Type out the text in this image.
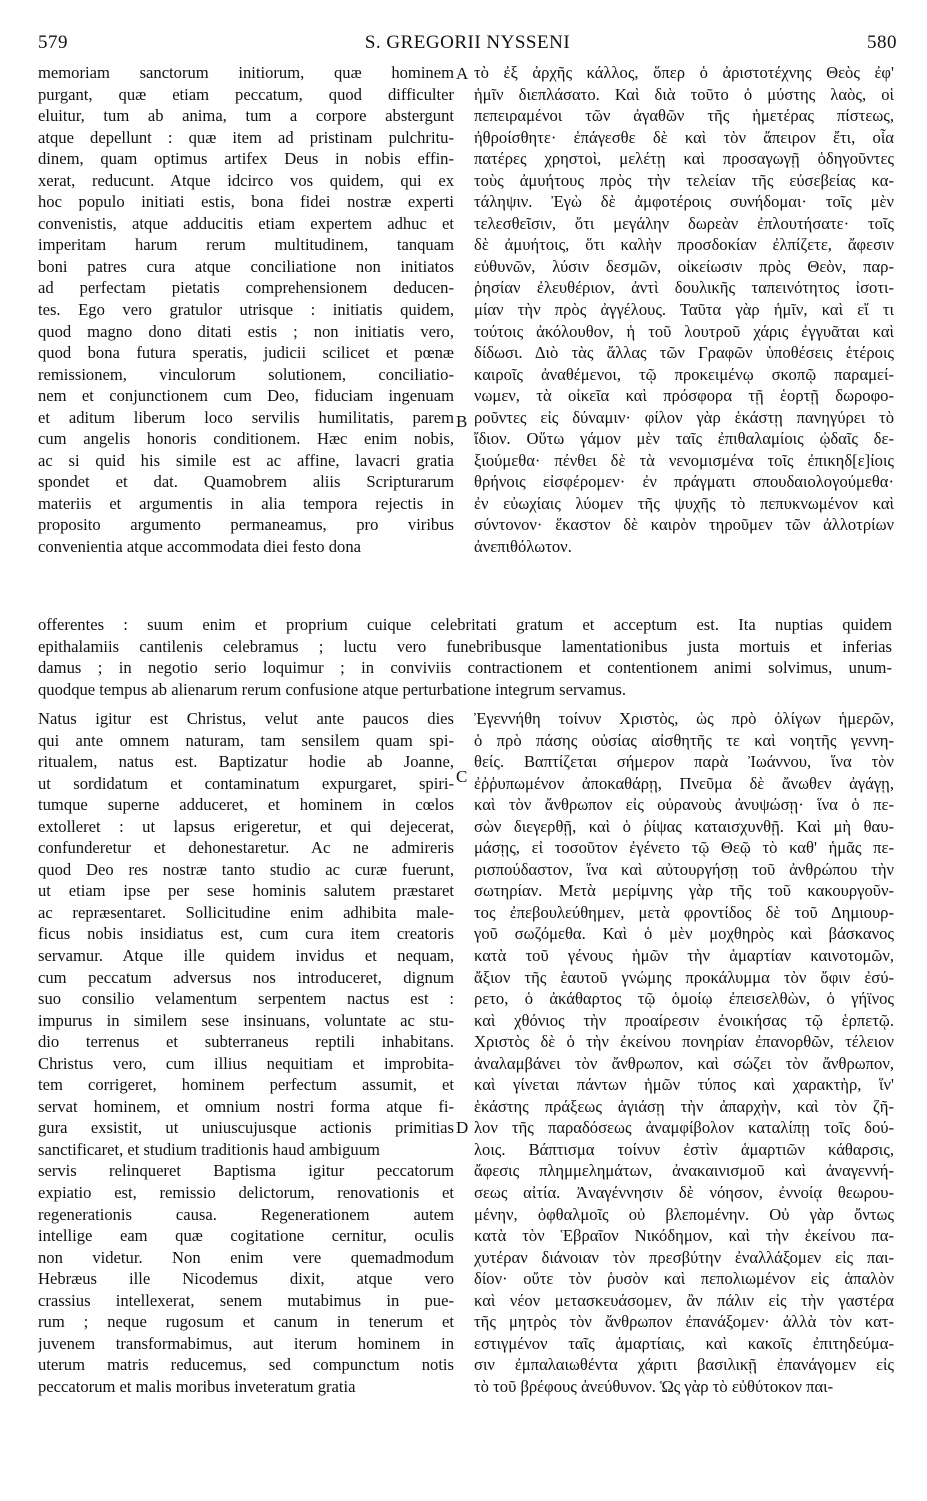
579	S. GREGORII NYSSENI	580
A
B
C
D
memoriam sanctorum initiorum, quæ hominem
purgant, quæ etiam peccatum, quod difficulter
eluitur, tum ab anima, tum a corpore abstergunt
atque depellunt : quæ item ad pristinam pulchritu-
dinem, quam optimus artifex Deus in nobis effin-
xerat, reducunt. Atque idcirco vos quidem, qui ex
hoc populo initiati estis, bona fidei nostræ experti
convenistis, atque adducitis etiam expertem adhuc et
imperitam harum rerum multitudinem, tanquam
boni patres cura atque conciliatione non initiatos
ad perfectam pietatis comprehensionem deducen-
tes. Ego vero gratulor utrisque : initiatis quidem,
quod magno dono ditati estis ; non initiatis vero,
quod bona futura speratis, judicii scilicet et pœnæ
remissionem, vinculorum solutionem, conciliatio-
nem et conjunctionem cum Deo, fiduciam ingenuam
et aditum liberum loco servilis humilitatis, parem
cum angelis honoris conditionem. Hæc enim nobis,
ac si quid his simile est ac affine, lavacri gratia
spondet et dat. Quamobrem aliis Scripturarum
materiis et argumentis in alia tempora rejectis in
proposito argumento permaneamus, pro viribus
convenientia atque accommodata diei festo dona
τὸ ἐξ ἀρχῆς κάλλος, ὅπερ ὁ ἀριστοτέχνης Θεὸς ἐφ'
ἡμῖν διεπλάσατο. Καὶ διὰ τοῦτο ὁ μύστης λαὸς, οἱ
πεπειραμένοι τῶν ἀγαθῶν τῆς ἡμετέρας πίστεως,
ἠθροίσθητε· ἐπάγεσθε δὲ καὶ τὸν ἄπειρον ἔτι, οἷα
πατέρες χρηστοὶ, μελέτῃ καὶ προσαγωγῇ ὁδηγοῦντες
τοὺς ἀμυήτους πρὸς τὴν τελείαν τῆς εὐσεβείας κα-
τάληψιν. Ἐγὼ δὲ ἀμφοτέροις συνήδομαι· τοῖς μὲν
τελεσθεῖσιν, ὅτι μεγάλην δωρεὰν ἐπλουτήσατε· τοῖς
δὲ ἀμυήτοις, ὅτι καλὴν προσδοκίαν ἐλπίζετε, ἄφεσιν
εὐθυνῶν, λύσιν δεσμῶν, οἰκείωσιν πρὸς Θεὸν, παρ-
ῥησίαν ἐλευθέριον, ἀντὶ δουλικῆς ταπεινότητος ἰσοτι-
μίαν τὴν πρὸς ἀγγέλους. Ταῦτα γὰρ ἡμῖν, καὶ εἴ τι
τούτοις ἀκόλουθον, ἡ τοῦ λουτροῦ χάρις ἐγγυᾶται καὶ
δίδωσι. Διὸ τὰς ἄλλας τῶν Γραφῶν ὑποθέσεις ἑτέροις
καιροῖς ἀναθέμενοι, τῷ προκειμένῳ σκοπῷ παραμεί-
νωμεν, τὰ οἰκεῖα καὶ πρόσφορα τῇ ἑορτῇ δωροφο-
ροῦντες εἰς δύναμιν· φίλον γὰρ ἑκάστῃ πανηγύρει τὸ
ἴδιον. Οὕτω γάμον μὲν ταῖς ἐπιθαλαμίοις ᾠδαῖς δε-
ξιούμεθα· πένθει δὲ τὰ νενομισμένα τοῖς ἐπικηδ[ε]ίοις
θρήνοις εἰσφέρομεν· ἐν πράγματι σπουδαιολογούμεθα·
ἐν εὐωχίαις λύομεν τῆς ψυχῆς τὸ πεπυκνωμένον καὶ
σύντονον· ἕκαστον δὲ καιρὸν τηροῦμεν τῶν ἀλλοτρίων
ἀνεπιθόλωτον.
offerentes : suum enim et proprium cuique celebritati gratum et acceptum est. Ita nuptias quidem
epithalamiis cantilenis celebramus ; luctu vero funebribusque lamentationibus justa mortuis et inferias
damus ; in negotio serio loquimur ; in conviviis contractionem et contentionem animi solvimus, unum-
quodque tempus ab alienarum rerum confusione atque perturbatione integrum servamus.
Natus igitur est Christus, velut ante paucos dies
qui ante omnem naturam, tam sensilem quam spi-
ritualem, natus est. Baptizatur hodie ab Joanne,
ut sordidatum et contaminatum expurgaret, spiri-
tumque superne adduceret, et hominem in cœlos
extolleret : ut lapsus erigeretur, et qui dejecerat,
confunderetur et dehonestaretur. Ac ne admireris
quod Deo res nostræ tanto studio ac curæ fuerunt,
ut etiam ipse per sese hominis salutem præstaret
ac repræsentaret. Sollicitudine enim adhibita male-
ficus nobis insidiatus est, cum cura item creatoris
servamur. Atque ille quidem invidus et nequam,
cum peccatum adversus nos introduceret, dignum
suo consilio velamentum serpentem nactus est :
impurus in similem sese insinuans, voluntate ac stu-
dio terrenus et subterraneus reptili inhabitans.
Christus vero, cum illius nequitiam et improbita-
tem corrigeret, hominem perfectum assumit, et
servat hominem, et omnium nostri forma atque fi-
gura exsistit, ut uniuscujusque actionis primitias
sanctificaret, et studium traditionis haud ambiguum
servis relinqueret Baptisma igitur peccatorum
expiatio est, remissio delictorum, renovationis et
regenerationis causa. Regenerationem autem
intellige eam quæ cogitatione cernitur, oculis
non videtur. Non enim vere quemadmodum
Hebræus ille Nicodemus dixit, atque vero
crassius intellexerat, senem mutabimus in pue-
rum ; neque rugosum et canum in tenerum et
juvenem transformabimus, aut iterum hominem in
uterum matris reducemus, sed compunctum notis
peccatorum et malis moribus inveteratum gratia
Ἐγεννήθη τοίνυν Χριστὸς, ὡς πρὸ ὀλίγων ἡμερῶν,
ὁ πρὸ πάσης οὐσίας αἰσθητῆς τε καὶ νοητῆς γεννη-
θείς. Βαπτίζεται σήμερον παρὰ Ἰωάννου, ἵνα τὸν
ἐῤῥυπωμένον ἀποκαθάρῃ, Πνεῦμα δὲ ἄνωθεν ἀγάγῃ,
καὶ τὸν ἄνθρωπον εἰς οὐρανοὺς ἀνυψώσῃ· ἵνα ὁ πε-
σὼν διεγερθῇ, καὶ ὁ ῥίψας καταισχυνθῇ. Καὶ μὴ θαυ-
μάσῃς, εἰ τοσοῦτον ἐγένετο τῷ Θεῷ τὸ καθ' ἡμᾶς πε-
ρισπούδαστον, ἵνα καὶ αὐτουργήσῃ τοῦ ἀνθρώπου τὴν
σωτηρίαν. Μετὰ μερίμνης γὰρ τῆς τοῦ κακουργοῦν-
τος ἐπεβουλεύθημεν, μετὰ φροντίδος δὲ τοῦ Δημιουρ-
γοῦ σωζόμεθα. Καὶ ὁ μὲν μοχθηρὸς καὶ βάσκανος
κατὰ τοῦ γένους ἡμῶν τὴν ἁμαρτίαν καινοτομῶν,
ἄξιον τῆς ἑαυτοῦ γνώμης προκάλυμμα τὸν ὄφιν ἐσύ-
ρετο, ὁ ἀκάθαρτος τῷ ὁμοίῳ ἐπεισελθὼν, ὁ γήϊνος
καὶ χθόνιος τὴν προαίρεσιν ἐνοικήσας τῷ ἑρπετῷ.
Χριστὸς δὲ ὁ τὴν ἐκείνου πονηρίαν ἐπανορθῶν, τέλειον
ἀναλαμβάνει τὸν ἄνθρωπον, καὶ σώζει τὸν ἄνθρωπον,
καὶ γίνεται πάντων ἡμῶν τύπος καὶ χαρακτὴρ, ἵν'
ἑκάστης πράξεως ἁγιάσῃ τὴν ἀπαρχὴν, καὶ τὸν ζῆ-
λον τῆς παραδόσεως ἀναμφίβολον καταλίπῃ τοῖς δού-
λοις. Βάπτισμα τοίνυν ἐστὶν ἁμαρτιῶν κάθαρσις,
ἄφεσις πλημμελημάτων, ἀνακαινισμοῦ καὶ ἀναγεννή-
σεως αἰτία. Ἀναγέννησιν δὲ νόησον, ἐννοίᾳ θεωρου-
μένην, ὀφθαλμοῖς οὐ βλεπομένην. Οὐ γὰρ ὄντως
κατὰ τὸν Ἑβραῖον Νικόδημον, καὶ τὴν ἐκείνου πα-
χυτέραν διάνοιαν τὸν πρεσβύτην ἐναλλάξομεν εἰς παι-
δίον· οὔτε τὸν ῥυσὸν καὶ πεπολιωμένον εἰς ἁπαλὸν
καὶ νέον μετασκευάσομεν, ἂν πάλιν εἰς τὴν γαστέρα
τῆς μητρὸς τὸν ἄνθρωπον ἐπανάξομεν· ἀλλὰ τὸν κατ-
εστιγμένον ταῖς ἁμαρτίαις, καὶ κακοῖς ἐπιτηδεύμα-
σιν ἐμπαλαιωθέντα χάριτι βασιλικῇ ἐπανάγομεν εἰς
τὸ τοῦ βρέφους ἀνεύθυνον. Ὡς γὰρ τὸ εὐθύτοκον παι-
